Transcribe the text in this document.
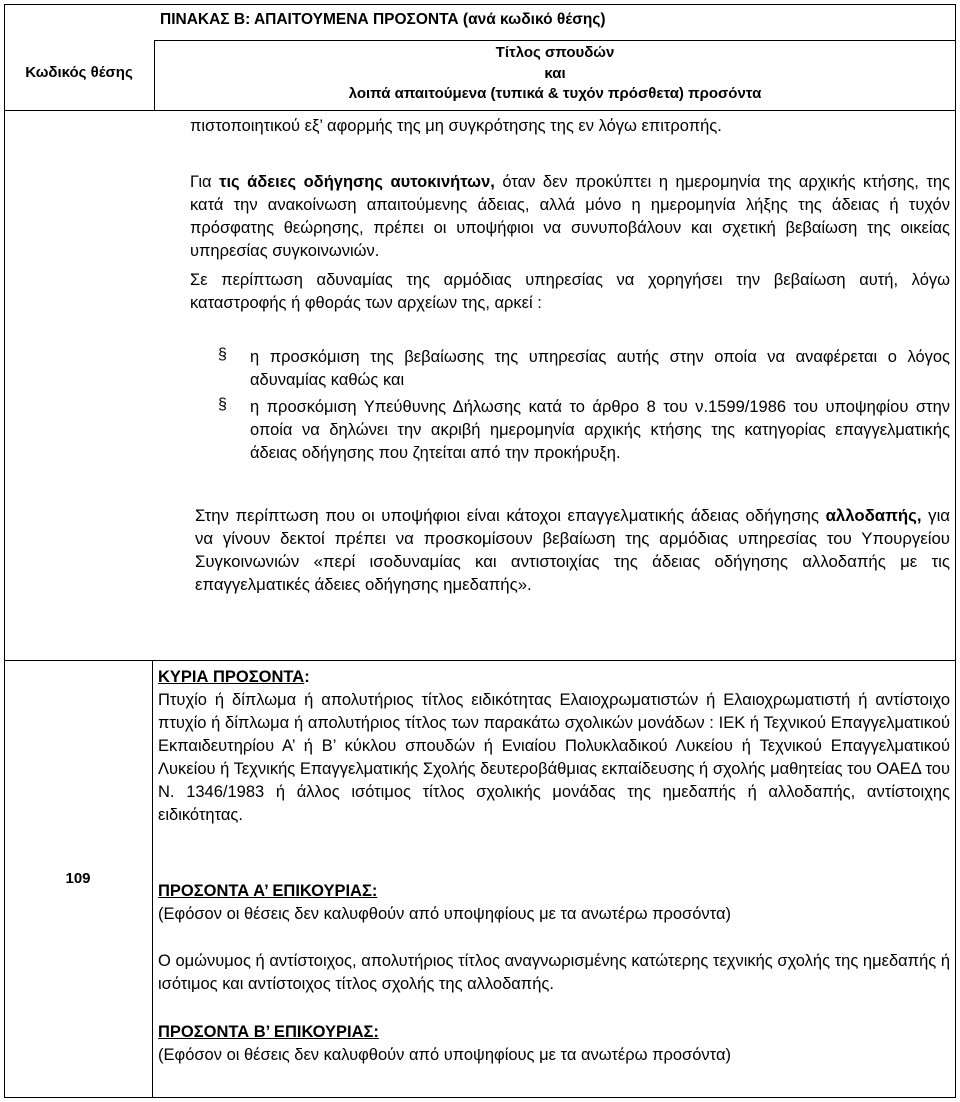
ΠΙΝΑΚΑΣ Β: ΑΠΑΙΤΟΥΜΕΝΑ ΠΡΟΣΟΝΤΑ (ανά κωδικό θέσης)
Κωδικός θέσης
Τίτλος σπουδών
και
λοιπά απαιτούμενα (τυπικά & τυχόν πρόσθετα) προσόντα
πιστοποιητικού εξ’ αφορμής της μη συγκρότησης της εν λόγω επιτροπής.
Για τις άδειες οδήγησης αυτοκινήτων, όταν δεν προκύπτει η ημερομηνία της αρχικής κτήσης, της κατά την ανακοίνωση απαιτούμενης άδειας, αλλά μόνο η ημερομηνία λήξης της άδειας ή τυχόν πρόσφατης θεώρησης, πρέπει οι υποψήφιοι να συνυποβάλουν και σχετική βεβαίωση της οικείας υπηρεσίας συγκοινωνιών.
Σε περίπτωση αδυναμίας της αρμόδιας υπηρεσίας να χορηγήσει την βεβαίωση αυτή, λόγω καταστροφής ή φθοράς των αρχείων της, αρκεί :
§ η προσκόμιση της βεβαίωσης της υπηρεσίας αυτής στην οποία να αναφέρεται ο λόγος αδυναμίας καθώς και
§ η προσκόμιση Υπεύθυνης Δήλωσης κατά το άρθρο 8 του ν.1599/1986 του υποψηφίου στην οποία να δηλώνει την ακριβή ημερομηνία αρχικής κτήσης της κατηγορίας επαγγελματικής άδειας οδήγησης που ζητείται από την προκήρυξη.
Στην περίπτωση που οι υποψήφιοι είναι κάτοχοι επαγγελματικής άδειας οδήγησης αλλοδαπής, για να γίνουν δεκτοί πρέπει να προσκομίσουν βεβαίωση της αρμόδιας υπηρεσίας του Υπουργείου Συγκοινωνιών «περί ισοδυναμίας και αντιστοιχίας της άδειας οδήγησης αλλοδαπής με τις επαγγελματικές άδειες οδήγησης ημεδαπής».
109
ΚΥΡΙΑ ΠΡΟΣΟΝΤΑ:
Πτυχίο ή δίπλωμα ή απολυτήριος τίτλος ειδικότητας Ελαιοχρωματιστών ή Ελαιοχρωματιστή ή αντίστοιχο πτυχίο ή δίπλωμα ή απολυτήριος τίτλος των παρακάτω σχολικών μονάδων : ΙΕΚ ή Τεχνικού Επαγγελματικού Εκπαιδευτηρίου Α’ ή Β’ κύκλου σπουδών ή Ενιαίου Πολυκλαδικού Λυκείου ή Τεχνικού Επαγγελματικού Λυκείου ή Τεχνικής Επαγγελματικής Σχολής δευτεροβάθμιας εκπαίδευσης ή σχολής μαθητείας του ΟΑΕΔ του Ν. 1346/1983 ή άλλος ισότιμος τίτλος σχολικής μονάδας της ημεδαπής ή αλλοδαπής, αντίστοιχης ειδικότητας.
ΠΡΟΣΟΝΤΑ Α’ ΕΠΙΚΟΥΡΙΑΣ:
(Εφόσον οι θέσεις δεν καλυφθούν από υποψηφίους με τα ανωτέρω προσόντα)
Ο ομώνυμος ή αντίστοιχος, απολυτήριος τίτλος αναγνωρισμένης κατώτερης τεχνικής σχολής της ημεδαπής ή ισότιμος και αντίστοιχος τίτλος σχολής της αλλοδαπής.
ΠΡΟΣΟΝΤΑ Β’ ΕΠΙΚΟΥΡΙΑΣ:
(Εφόσον οι θέσεις δεν καλυφθούν από υποψηφίους με τα ανωτέρω προσόντα)
